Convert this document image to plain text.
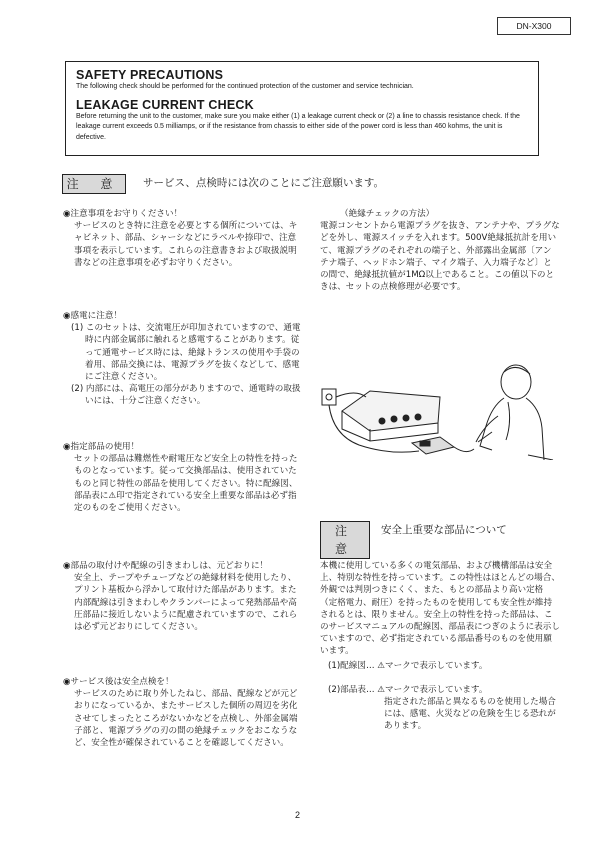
DN-X300
SAFETY PRECAUTIONS

The following check should be performed for the continued protection of the customer and service technician.

LEAKAGE CURRENT CHECK

Before returning the unit to the customer, make sure you make either (1) a leakage current check or (2) a line to chassis resistance check. If the leakage current exceeds 0.5 milliamps, or if the resistance from chassis to either side of the power cord is less than 460 kohms, the unit is defective.

注 意	サービス、点検時には次のことにご注意願います。

◉注意事項をお守りください！

サービスのとき特に注意を必要とする個所については、キャビネット、部品、シャーシなどにラベルや捺印で、注意事項を表示しています。これらの注意書きおよび取扱説明書などの注意事項を必ずお守りください。

◉感電に注意！

(1) このセットは、交流電圧が印加されていますので、通電時に内部金属部に触れると感電することがあります。従って通電サービス時には、絶縁トランスの使用や手袋の着用、部品交換には、電源プラグを抜くなどして、感電にご注意ください。

(2) 内部には、高電圧の部分がありますので、通電時の取扱いには、十分ご注意ください。

◉指定部品の使用！

セットの部品は難燃性や耐電圧など安全上の特性を持ったものとなっています。従って交換部品は、使用されていたものと同じ特性の部品を使用してください。特に配線図、部品表に⚠印で指定されている安全上重要な部品は必ず指定のものをご使用ください。

◉部品の取付けや配線の引きまわしは、元どおりに！

安全上、テープやチューブなどの絶縁材料を使用したり、プリント基板から浮かして取付けた部品があります。また内部配線は引きまわしやクランパーによって発熱部品や高圧部品に接近しないように配慮されていますので、これらは必ず元どおりにしてください。

◉サービス後は安全点検を！

サービスのために取り外したねじ、部品、配線などが元どおりになっているか、またサービスした個所の周辺を劣化させてしまったところがないかなどを点検し、外部金属端子部と、電源プラグの刃の間の絶縁チェックをおこなうなど、安全性が確保されていることを確認してください。

（絶縁チェックの方法）

電源コンセントから電源プラグを抜き、アンテナや、プラグなどを外し、電源スイッチを入れます。500V絶縁抵抗計を用いて、電源プラグのそれぞれの端子と、外部露出金属部〔アンテナ端子、ヘッドホン端子、マイク端子、入力端子など〕との間で、絶縁抵抗値が1MΩ以上であること。この値以下のときは、セットの点検修理が必要です。

注 意
安全上重要な部品について

本機に使用している多くの電気部品、および機構部品は安全上、特別な特性を持っています。この特性はほとんどの場合、外観では判別つきにくく、また、もとの部品より高い定格（定格電力、耐圧）を持ったものを使用しても安全性が維持されるとは、限りません。安全上の特性を持った部品は、このサービスマニュアルの配線図、部品表につぎのように表示していますので、必ず指定されている部品番号のものを使用願います。

(1)配線図… ⚠マークで表示しています。

(2)部品表… ⚠マークで表示しています。

指定された部品と異なるものを使用した場合には、感電、火災などの危険を生じる恐れがあります。

2
